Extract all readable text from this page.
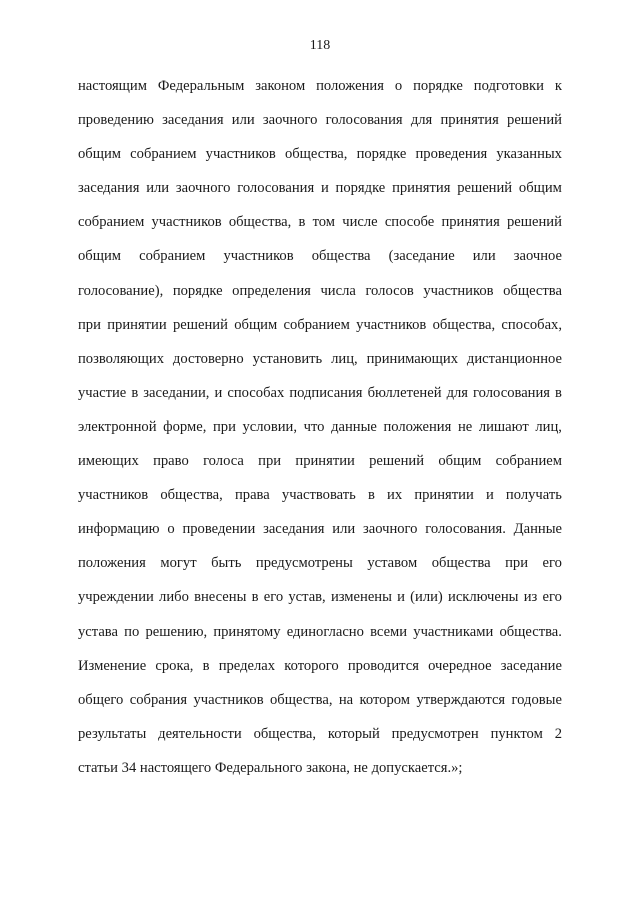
118
настоящим Федеральным законом положения о порядке подготовки к
проведению заседания или заочного голосования для принятия решений
общим собранием участников общества, порядке проведения указанных
заседания или заочного голосования и порядке принятия решений общим
собранием участников общества, в том числе способе принятия решений
общим собранием участников общества (заседание или заочное
голосование), порядке определения числа голосов участников общества
при принятии решений общим собранием участников общества, способах,
позволяющих достоверно установить лиц, принимающих дистанционное
участие в заседании, и способах подписания бюллетеней для голосования в
электронной форме, при условии, что данные положения не лишают лиц,
имеющих право голоса при принятии решений общим собранием
участников общества, права участвовать в их принятии и получать
информацию о проведении заседания или заочного голосования. Данные
положения могут быть предусмотрены уставом общества при его
учреждении либо внесены в его устав, изменены и (или) исключены из его
устава по решению, принятому единогласно всеми участниками общества.
Изменение срока, в пределах которого проводится очередное заседание
общего собрания участников общества, на котором утверждаются годовые
результаты деятельности общества, который предусмотрен пунктом 2
статьи
34
настоящего
Федерального
закона,
не
допускается.»;
